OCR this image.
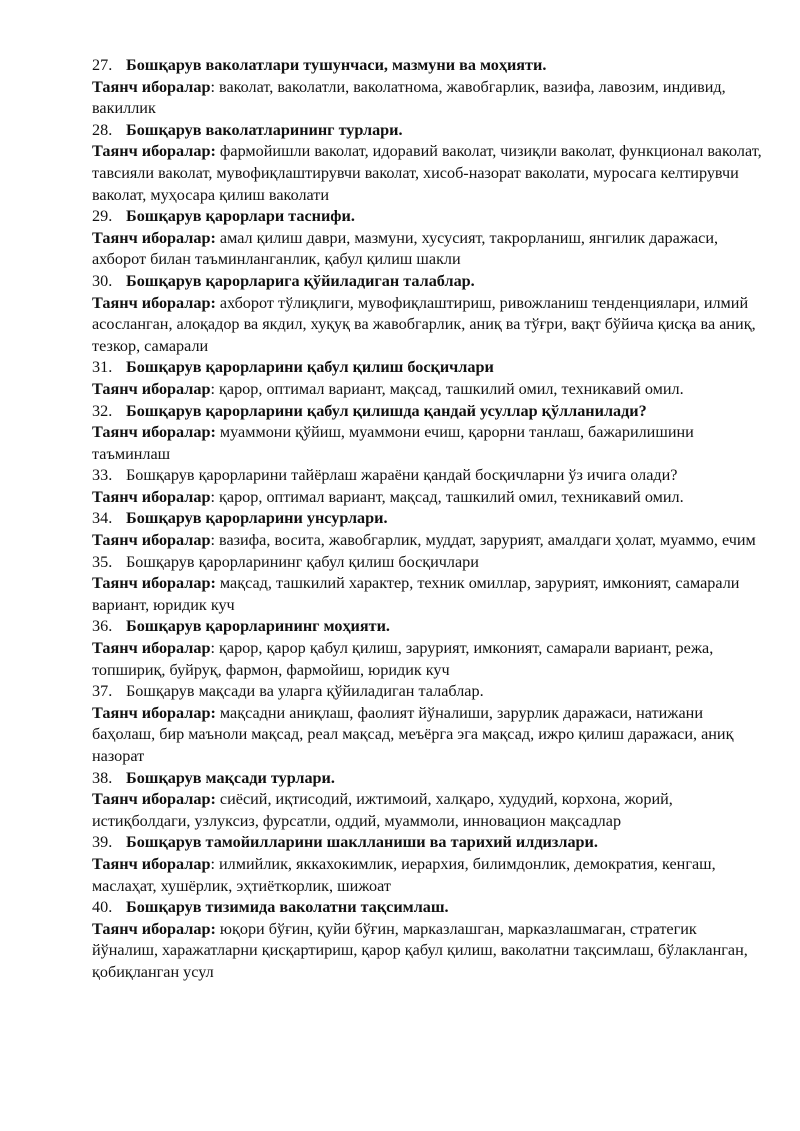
27. Бошқарув ваколатлари тушунчаси, мазмуни ва моҳияти.
Таянч иборалар: ваколат, ваколатли, ваколатнома, жавобгарлик, вазифа, лавозим, индивид, вакиллик
28. Бошқарув ваколатларининг турлари.
Таянч иборалар: фармойишли ваколат, идоравий ваколат, чизиқли ваколат, функционал ваколат, тавсияли ваколат, мувофиқлаштирувчи ваколат, хисоб-назорат ваколати, муросага келтирувчи ваколат, муҳосара қилиш ваколати
29. Бошқарув қарорлари таснифи.
Таянч иборалар: амал қилиш даври, мазмуни, хусусият, такрорланиш, янгилик даражаси, ахборот билан таъминланганлик, қабул қилиш шакли
30. Бошқарув қарорларига қўйиладиган талаблар.
Таянч иборалар: ахборот тўлиқлиги, мувофиқлаштириш, ривожланиш тенденциялари, илмий асосланган, алоқадор ва якдил, хуқуқ ва жавобгарлик, аниқ ва тўғри, вақт бўйича қисқа ва аниқ, тезкор, самарали
31. Бошқарув қарорларини қабул қилиш босқичлари
Таянч иборалар: қарор, оптимал вариант, мақсад, ташкилий омил, техникавий омил.
32. Бошқарув қарорларини қабул қилишда қандай усуллар қўлланилади?
Таянч иборалар: муаммони қўйиш, муаммони ечиш, қарорни танлаш, бажарилишини таъминлаш
33. Бошқарув қарорларини тайёрлаш жараёни қандай босқичларни ўз ичига олади?
Таянч иборалар: қарор, оптимал вариант, мақсад, ташкилий омил, техникавий омил.
34. Бошқарув қарорларини унсурлари.
Таянч иборалар: вазифа, восита, жавобгарлик, муддат, зарурият, амалдаги ҳолат, муаммо, ечим
35. Бошқарув қарорларининг қабул қилиш босқичлари
Таянч иборалар: мақсад, ташкилий характер, техник омиллар, зарурият, имконият, самарали вариант, юридик куч
36. Бошқарув қарорларининг моҳияти.
Таянч иборалар: қарор, қарор қабул қилиш, зарурият, имконият, самарали вариант, режа, топшириқ, буйруқ, фармон, фармойиш, юридик куч
37. Бошқарув мақсади ва уларга қўйиладиган талаблар.
Таянч иборалар: мақсадни аниқлаш, фаолият йўналиши, зарурлик даражаси, натижани баҳолаш, бир маъноли мақсад, реал мақсад, меъёрга эга мақсад, ижро қилиш даражаси, аниқ назорат
38. Бошқарув мақсади турлари.
Таянч иборалар: сиёсий, иқтисодий, ижтимоий, халқаро, худудий, корхона, жорий, истиқболдаги, узлуксиз, фурсатли, оддий, муаммоли, инновацион мақсадлар
39. Бошқарув тамойилларини шаклланиши ва тарихий илдизлари.
Таянч иборалар: илмийлик, яккахокимлик, иерархия, билимдонлик, демократия, кенгаш, маслаҳат, хушёрлик, эҳтиёткорлик, шижоат
40. Бошқарув тизимида ваколатни тақсимлаш.
Таянч иборалар: юқори бўғин, қуйи бўғин, марказлашган, марказлашмаган, стратегик йўналиш, харажатларни қисқартириш, қарор қабул қилиш, ваколатни тақсимлаш, бўлакланган, қобиқланган усул
